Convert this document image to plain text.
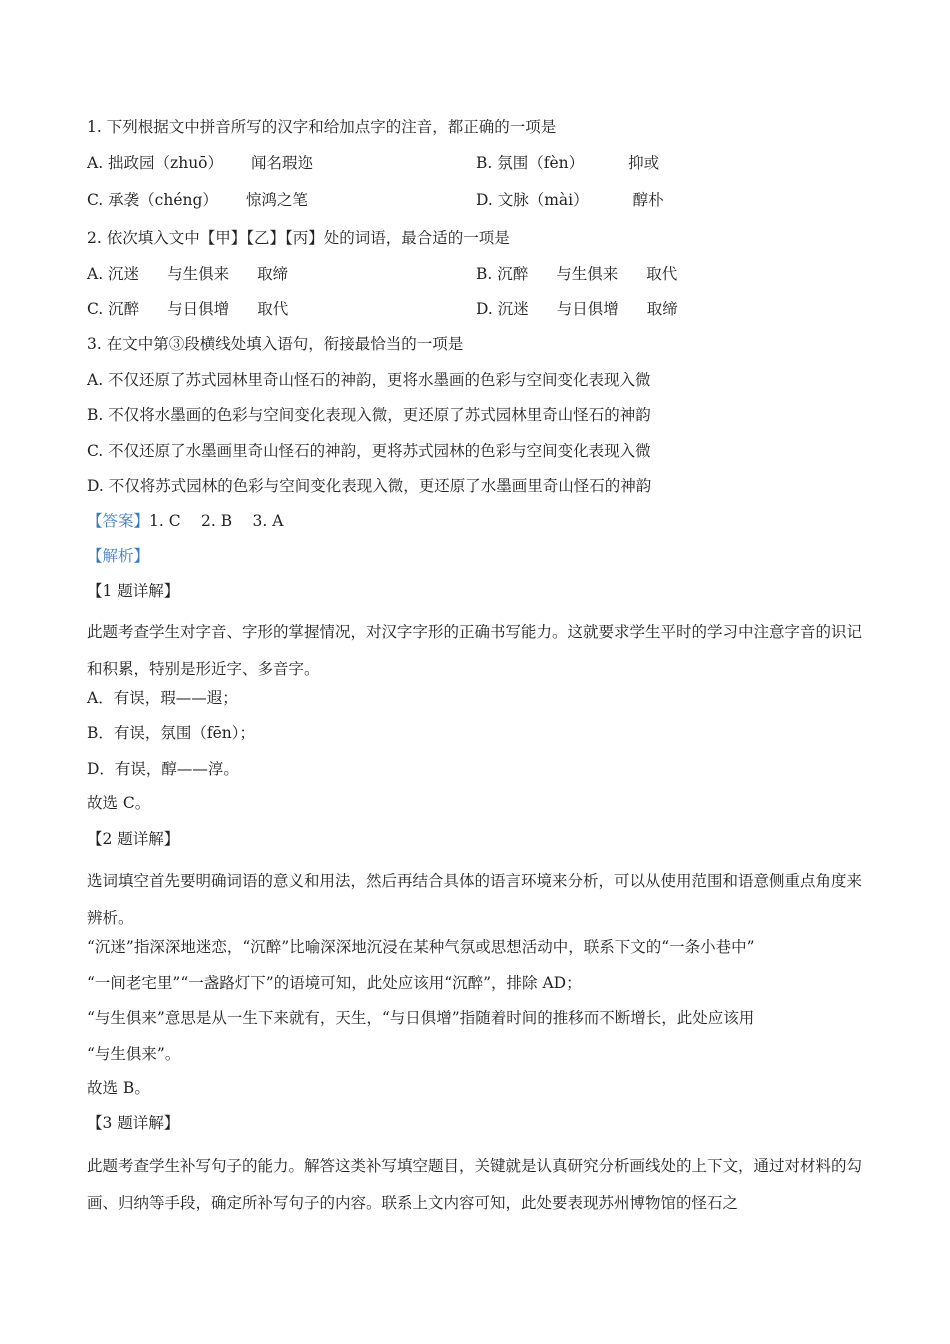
1. 下列根据文中拼音所写的汉字和给加点字的注音，都正确的一项是
A. 拙政园（zhuō） 闻名瑕迩	B. 氛围（fèn）	抑或
C. 承袭（chéng） 惊鸿之笔	D. 文脉（mài）	醇朴
2. 依次填入文中【甲】【乙】【丙】处的词语，最合适的一项是
A. 沉迷 与生俱来 取缔	B. 沉醉 与生俱来 取代
C. 沉醉 与日俱增 取代	D. 沉迷 与日俱增 取缔
3. 在文中第③段横线处填入语句，衔接最恰当的一项是
A. 不仅还原了苏式园林里奇山怪石的神韵，更将水墨画的色彩与空间变化表现入微
B. 不仅将水墨画的色彩与空间变化表现入微，更还原了苏式园林里奇山怪石的神韵
C. 不仅还原了水墨画里奇山怪石的神韵，更将苏式园林的色彩与空间变化表现入微
D. 不仅将苏式园林的色彩与空间变化表现入微，更还原了水墨画里奇山怪石的神韵
【答案】1. C　 2. B　 3. A
【解析】
【1 题详解】
此题考查学生对字音、字形的掌握情况，对汉字字形的正确书写能力。这就要求学生平时的学习中注意字音的识记和积累，特别是形近字、多音字。
A．有误，瑕——遐；
B．有误，氛围（fēn）；
D．有误，醇——淳。
故选 C。
【2 题详解】
选词填空首先要明确词语的意义和用法，然后再结合具体的语言环境来分析，可以从使用范围和语意侧重点角度来辨析。
“沉迷”指深深地迷恋，“沉醉”比喻深深地沉浸在某种气氛或思想活动中，联系下文的“一条小巷中”
“一间老宅里”“一盏路灯下”的语境可知，此处应该用“沉醉”，排除 AD；
“与生俱来”意思是从一生下来就有，天生，“与日俱增”指随着时间的推移而不断增长，此处应该用
“与生俱来”。
故选 B。
【3 题详解】
此题考查学生补写句子的能力。解答这类补写填空题目，关键就是认真研究分析画线处的上下文，通过对材料的勾画、归纳等手段，确定所补写句子的内容。联系上文内容可知，此处要表现苏州博物馆的怪石之
